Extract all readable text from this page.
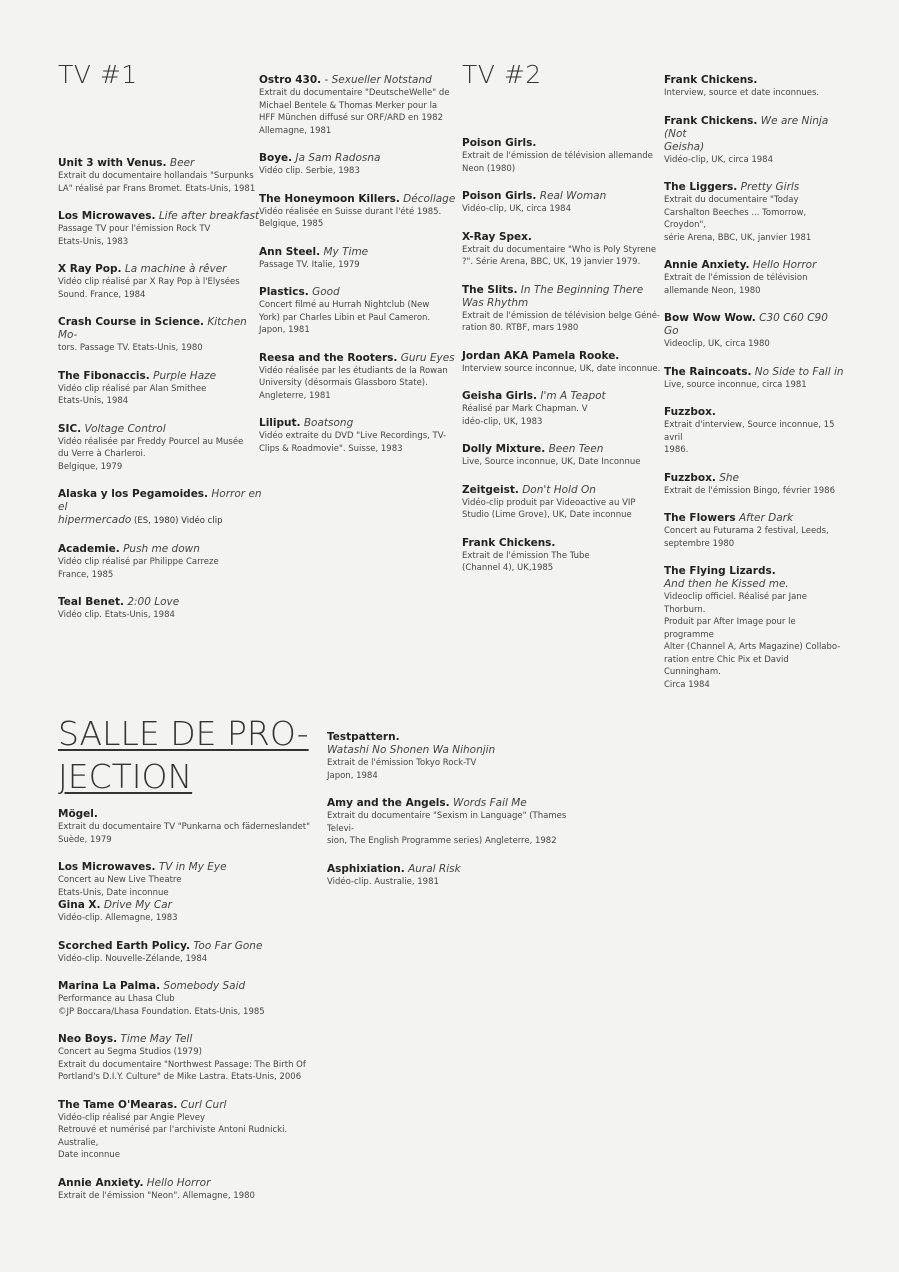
TV #1
Unit 3 with Venus. Beer
Extrait du documentaire hollandais "Surpunks
LA" réalisé par Frans Bromet. Etats-Unis, 1981
Los Microwaves. Life after breakfast
Passage TV pour l'émission Rock TV
Etats-Unis, 1983
X Ray Pop. La machine à rêver
Vidéo clip réalisé par X Ray Pop à l'Elysées
Sound. France, 1984
Crash Course in Science. Kitchen Mo-
tors. Passage TV. Etats-Unis, 1980
The Fibonaccis. Purple Haze
Vidéo clip réalisé par Alan Smithee
Etats-Unis, 1984
SIC. Voltage Control
Vidéo réalisée par Freddy Pourcel au Musée
du Verre à Charleroi.
Belgique, 1979
Alaska y los Pegamoides. Horror en el
hipermercado (ES, 1980) Vidéo clip
Academie. Push me down
Vidéo clip réalisé par Philippe Carreze
France, 1985
Teal Benet. 2:00 Love
Vidéo clip. Etats-Unis, 1984
Ostro 430. - Sexueller Notstand
Extrait du documentaire "DeutscheWelle" de
Michael Bentele & Thomas Merker pour la
HFF München diffusé sur ORF/ARD en 1982
Allemagne, 1981
Boye. Ja Sam Radosna
Vidéo clip. Serbie, 1983
The Honeymoon Killers. Décollage
Vidéo réalisée en Suisse durant l'été 1985.
Belgique, 1985
Ann Steel. My Time
Passage TV. Italie, 1979
Plastics. Good
Concert filmé au Hurrah Nightclub (New
York) par Charles Libin et Paul Cameron.
Japon, 1981
Reesa and the Rooters. Guru Eyes
Vidéo réalisée par les étudiants de la Rowan
University (désormais Glassboro State).
Angleterre, 1981
Liliput. Boatsong
Vidéo extraite du DVD "Live Recordings, TV-
Clips & Roadmovie". Suisse, 1983
TV #2
Poison Girls.
Extrait de l'émission de télévision allemande
Neon (1980)
Poison Girls. Real Woman
Vidéo-clip, UK, circa 1984
X-Ray Spex.
Extrait du documentaire "Who is Poly Styrene
?". Série Arena, BBC, UK, 19 janvier 1979.
The Slits. In The Beginning There
Was Rhythm
Extrait de l'émission de télévision belge Géné-
ration 80. RTBF, mars 1980
Jordan AKA Pamela Rooke.
Interview source inconnue, UK, date inconnue.
Geisha Girls. I'm A Teapot
Réalisé par Mark Chapman. V
idéo-clip, UK, 1983
Dolly Mixture. Been Teen
Live, Source inconnue, UK, Date Inconnue
Zeitgeist. Don't Hold On
Vidéo-clip produit par Videoactive au VIP
Studio (Lime Grove), UK, Date inconnue
Frank Chickens.
Extrait de l'émission The Tube
(Channel 4), UK,1985
Frank Chickens.
Interview, source et date inconnues.
Frank Chickens. We are Ninja (Not
Geisha)
Vidéo-clip, UK, circa 1984
The Liggers. Pretty Girls
Extrait du documentaire "Today
Carshalton Beeches ... Tomorrow, Croydon",
série Arena, BBC, UK, janvier 1981
Annie Anxiety. Hello Horror
Extrait de l'émission de télévision
allemande Neon, 1980
Bow Wow Wow. C30 C60 C90 Go
Videoclip, UK, circa 1980
The Raincoats. No Side to Fall in
Live, source inconnue, circa 1981
Fuzzbox.
Extrait d'interview, Source inconnue, 15 avril
1986.
Fuzzbox. She
Extrait de l'émission Bingo, février 1986
The Flowers After Dark
Concert au Futurama 2 festival, Leeds,
septembre 1980
The Flying Lizards.
And then he Kissed me.
Videoclip officiel. Réalisé par Jane Thorburn.
Produit par After Image pour le programme
Alter (Channel A, Arts Magazine) Collabo-
ration entre Chic Pix et David Cunningham.
Circa 1984
SALLE DE PRO-
JECTION
Mögel.
Extrait du documentaire TV "Punkarna och fäderneslandet"
Suède, 1979
Los Microwaves. TV in My Eye
Concert au New Live Theatre
Etats-Unis, Date inconnue
Gina X. Drive My Car
Vidéo-clip. Allemagne, 1983
Scorched Earth Policy. Too Far Gone
Vidéo-clip. Nouvelle-Zélande, 1984
Marina La Palma. Somebody Said
Performance au Lhasa Club
©JP Boccara/Lhasa Foundation. Etats-Unis, 1985
Neo Boys. Time May Tell
Concert au Segma Studios (1979)
Extrait du documentaire "Northwest Passage: The Birth Of
Portland's D.I.Y. Culture" de Mike Lastra. Etats-Unis, 2006
The Tame O'Mearas. Curl Curl
Vidéo-clip réalisé par Angie Plevey
Retrouvé et numérisé par l'archiviste Antoni Rudnicki. Australie,
Date inconnue
Annie Anxiety. Hello Horror
Extrait de l'émission "Neon". Allemagne, 1980
Testpattern.
Watashi No Shonen Wa Nihonjin
Extrait de l'émission Tokyo Rock-TV
Japon, 1984
Amy and the Angels. Words Fail Me
Extrait du documentaire "Sexism in Language" (Thames Televi-
sion, The English Programme series) Angleterre, 1982
Asphixiation. Aural Risk
Vidéo-clip. Australie, 1981
